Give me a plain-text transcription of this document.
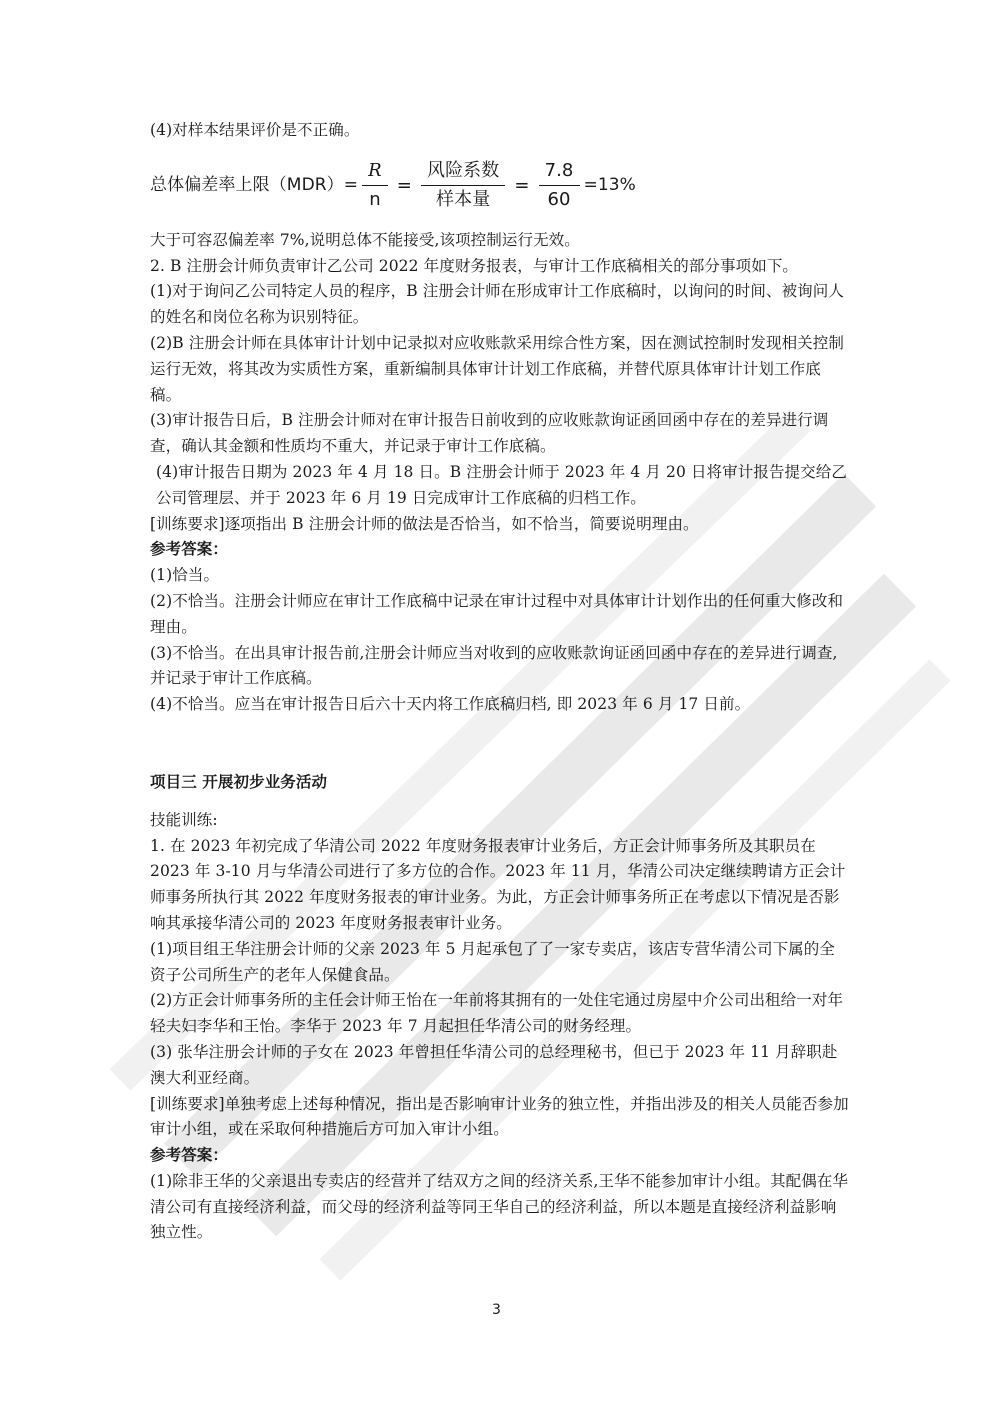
(4)对样本结果评价是不正确。

总体偏差率上限$(MDR)= \frac{R}{n} = \frac{\text{风险系数}}{\text{样本量}} = \frac{7.8}{60} =13\%$

大于可容忍偏差率 7%,说明总体不能接受,该项控制运行无效。

2. B 注册会计师负责审计乙公司 2022 年度财务报表，与审计工作底稿相关的部分事项如下。

(1)对于询问乙公司特定人员的程序，B 注册会计师在形成审计工作底稿时，以询问的时间、被询问人的姓名和岗位名称为识别特征。

(2)B 注册会计师在具体审计计划中记录拟对应收账款采用综合性方案，因在测试控制时发现相关控制运行无效，将其改为实质性方案，重新编制具体审计计划工作底稿，并替代原具体审计计划工作底稿。

(3)审计报告日后，B 注册会计师对在审计报告日前收到的应收账款询证函回函中存在的差异进行调查，确认其金额和性质均不重大，并记录于审计工作底稿。

(4)审计报告日期为 2023 年 4 月 18 日。B 注册会计师于 2023 年 4 月 20 日将审计报告提交给乙公司管理层、并于 2023 年 6 月 19 日完成审计工作底稿的归档工作。

[训练要求]逐项指出 B 注册会计师的做法是否恰当，如不恰当，简要说明理由。

参考答案：

(1)恰当。

(2)不恰当。注册会计师应在审计工作底稿中记录在审计过程中对具体审计计划作出的任何重大修改和理由。

(3)不恰当。在出具审计报告前,注册会计师应当对收到的应收账款询证函回函中存在的差异进行调查,并记录于审计工作底稿。

(4)不恰当。应当在审计报告日后六十天内将工作底稿归档, 即 2023 年 6 月 17 日前。

项目三 开展初步业务活动

技能训练:

1. 在 2023 年初完成了华清公司 2022 年度财务报表审计业务后，方正会计师事务所及其职员在 2023 年 3-10 月与华清公司进行了多方位的合作。2023 年 11 月，华清公司决定继续聘请方正会计师事务所执行其 2022 年度财务报表的审计业务。为此，方正会计师事务所正在考虑以下情况是否影响其承接华清公司的 2023 年度财务报表审计业务。

(1)项目组王华注册会计师的父亲 2023 年 5 月起承包了了一家专卖店，该店专营华清公司下属的全资子公司所生产的老年人保健食品。

(2)方正会计师事务所的主任会计师王怡在一年前将其拥有的一处住宅通过房屋中介公司出租给一对年轻夫妇李华和王怡。李华于 2023 年 7 月起担任华清公司的财务经理。

(3) 张华注册会计师的子女在 2023 年曾担任华清公司的总经理秘书，但已于 2023 年 11 月辞职赴澳大利亚经商。

[训练要求]单独考虑上述每种情况，指出是否影响审计业务的独立性，并指出涉及的相关人员能否参加审计小组，或在采取何种措施后方可加入审计小组。

参考答案：

(1)除非王华的父亲退出专卖店的经营并了结双方之间的经济关系,王华不能参加审计小组。其配偶在华清公司有直接经济利益，而父母的经济利益等同王华自己的经济利益，所以本题是直接经济利益影响独立性。

3
